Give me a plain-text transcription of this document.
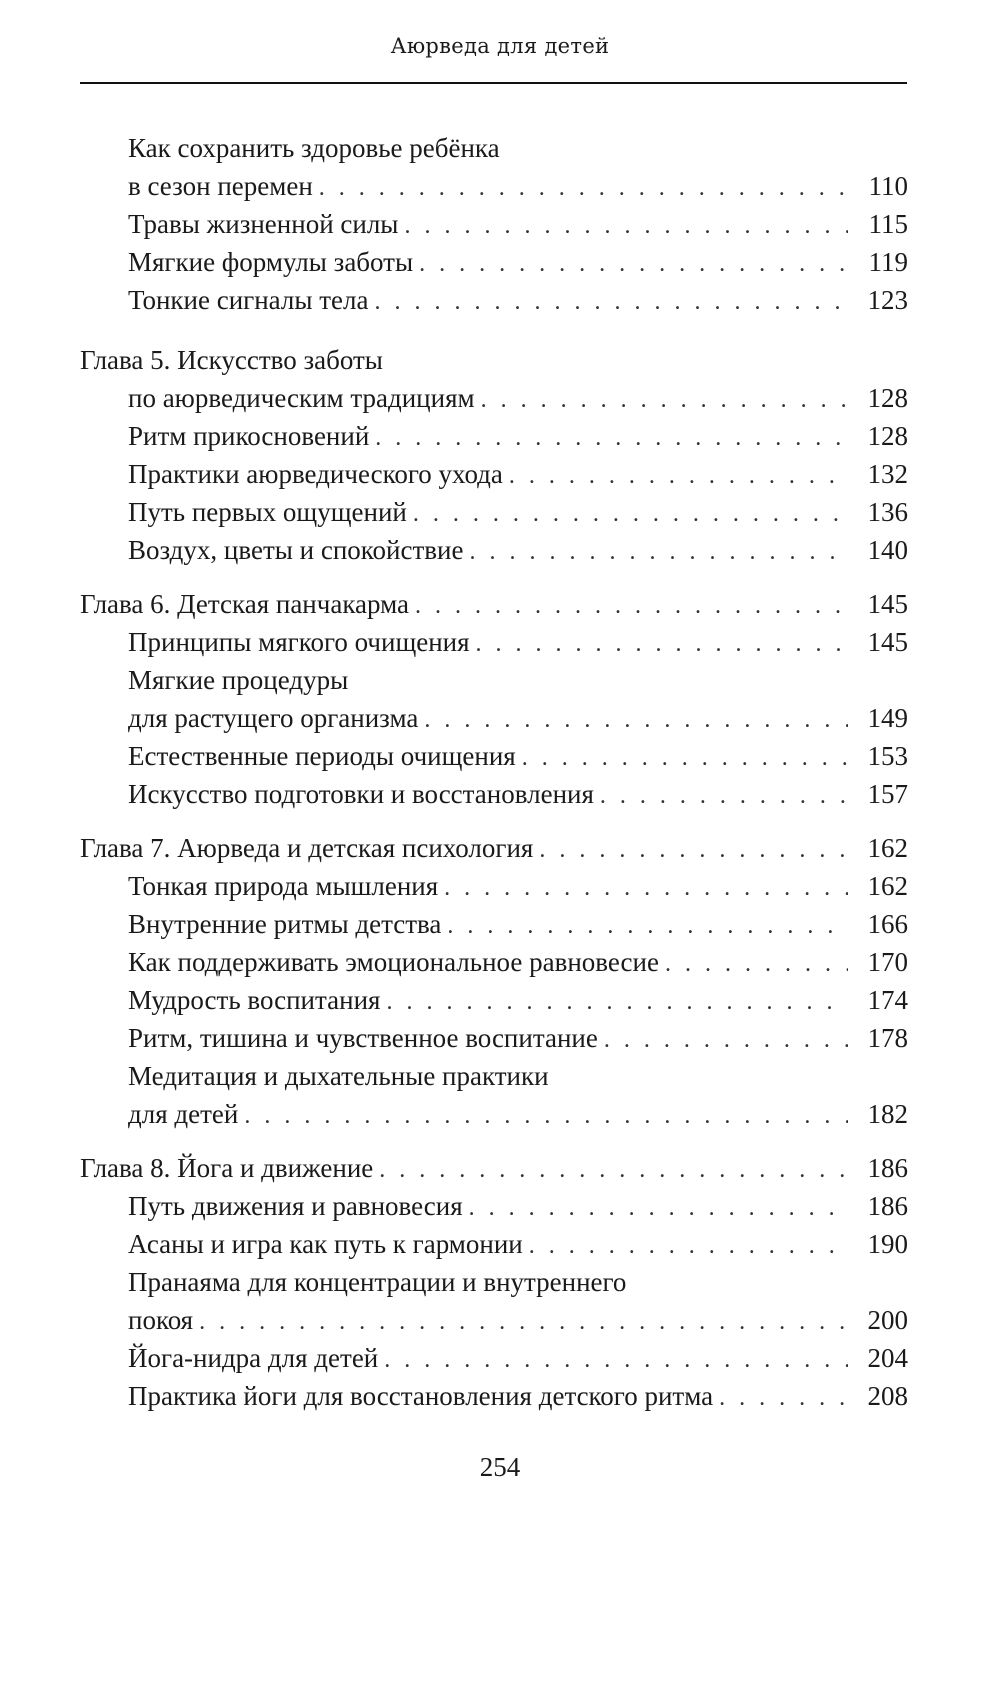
Аюрведа для детей
Как сохранить здоровье ребёнка
в сезон перемен . . .	110
Травы жизненной силы . . .	115
Мягкие формулы заботы . . .	119
Тонкие сигналы тела . . .	123
Глава 5. Искусство заботы
по аюрведическим традициям . . .	128
Ритм прикосновений . . .	128
Практики аюрведического ухода . . .	132
Путь первых ощущений . . .	136
Воздух, цветы и спокойствие . . .	140
Глава 6. Детская панчакарма . . .	145
Принципы мягкого очищения . . .	145
Мягкие процедуры
для растущего организма . . .	149
Естественные периоды очищения . . .	153
Искусство подготовки и восстановления . . .	157
Глава 7. Аюрведа и детская психология . . .	162
Тонкая природа мышления . . .	162
Внутренние ритмы детства . . .	166
Как поддерживать эмоциональное равновесие . . .	170
Мудрость воспитания . . .	174
Ритм, тишина и чувственное воспитание . . .	178
Медитация и дыхательные практики
для детей . . .	182
Глава 8. Йога и движение . . .	186
Путь движения и равновесия . . .	186
Асаны и игра как путь к гармонии . . .	190
Пранаяма для концентрации и внутреннего
покоя . . .	200
Йога-нидра для детей . . .	204
Практика йоги для восстановления детского ритма . . .	208
254
